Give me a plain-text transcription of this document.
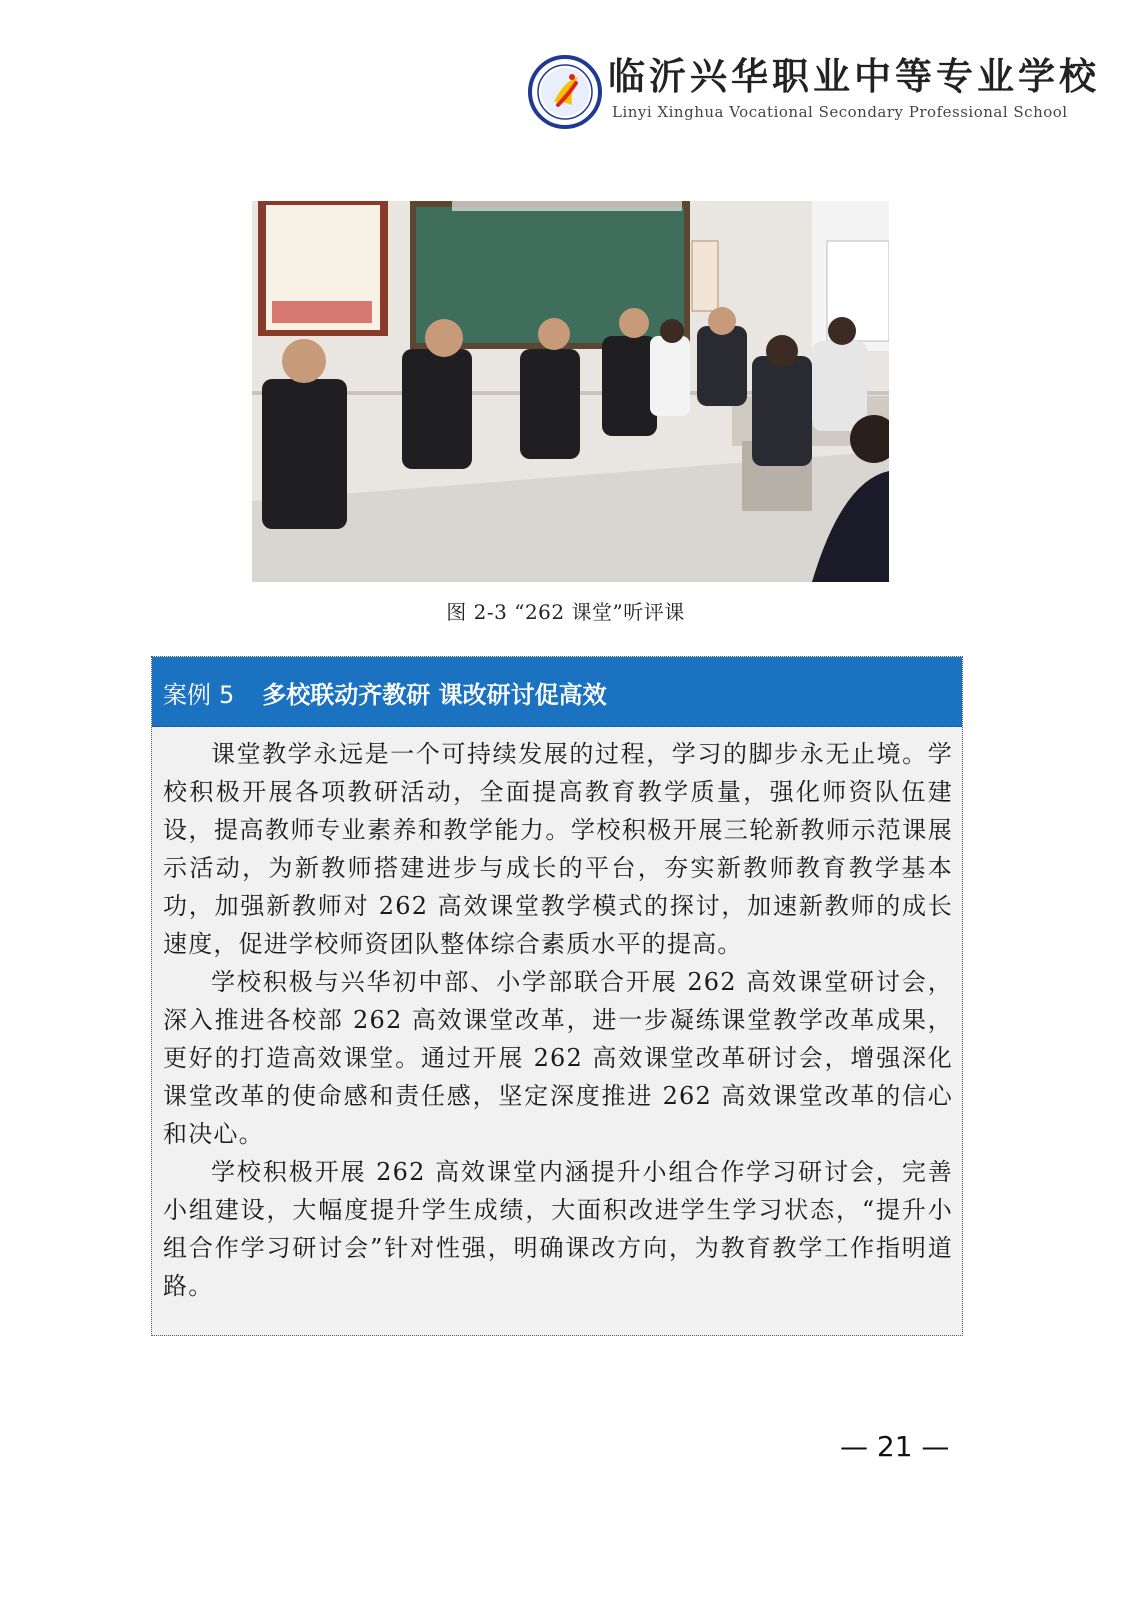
临沂兴华职业中等专业学校
Linyi Xinghua Vocational Secondary Professional School
图 2-3 “262 课堂”听评课
案例 5 多校联动齐教研 课改研讨促高效

课堂教学永远是一个可持续发展的过程，学习的脚步永无止境。学校积极开展各项教研活动，全面提高教育教学质量，强化师资队伍建设，提高教师专业素养和教学能力。学校积极开展三轮新教师示范课展示活动，为新教师搭建进步与成长的平台，夯实新教师教育教学基本功，加强新教师对 262 高效课堂教学模式的探讨，加速新教师的成长速度，促进学校师资团队整体综合素质水平的提高。

学校积极与兴华初中部、小学部联合开展 262 高效课堂研讨会，深入推进各校部 262 高效课堂改革，进一步凝练课堂教学改革成果，更好的打造高效课堂。通过开展 262 高效课堂改革研讨会，增强深化课堂改革的使命感和责任感，坚定深度推进 262 高效课堂改革的信心和决心。

学校积极开展 262 高效课堂内涵提升小组合作学习研讨会，完善小组建设，大幅度提升学生成绩，大面积改进学生学习状态，“提升小组合作学习研讨会”针对性强，明确课改方向，为教育教学工作指明道路。

— 21 —
